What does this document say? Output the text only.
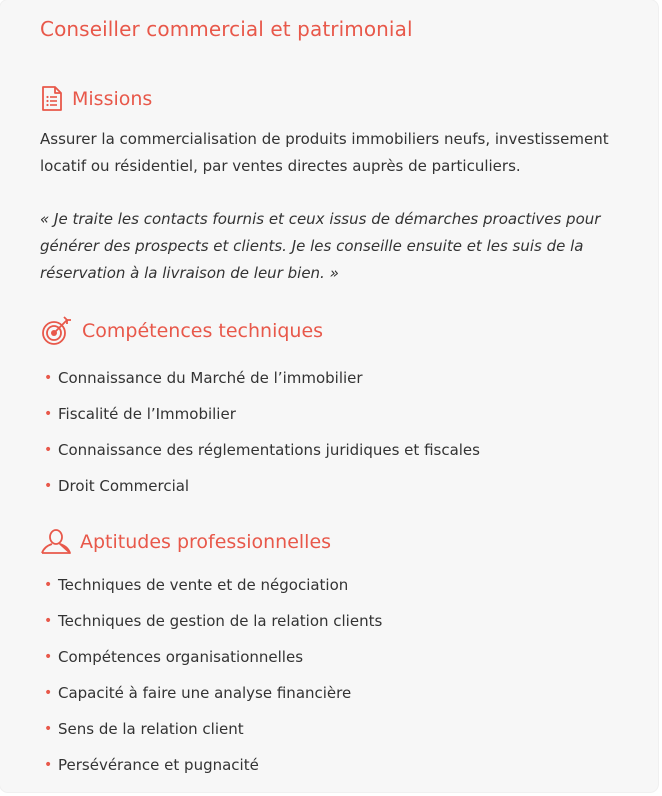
Conseiller commercial et patrimonial
Missions

Assurer la commercialisation de produits immobiliers neufs, investissement locatif ou résidentiel, par ventes directes auprès de particuliers.

« Je traite les contacts fournis et ceux issus de démarches proactives pour générer des prospects et clients. Je les conseille ensuite et les suis de la réservation à la livraison de leur bien. »

Compétences techniques
• Connaissance du Marché de l’immobilier
• Fiscalité de l’Immobilier
• Connaissance des réglementations juridiques et fiscales
• Droit Commercial
Aptitudes professionnelles
• Techniques de vente et de négociation
• Techniques de gestion de la relation clients
• Compétences organisationnelles
• Capacité à faire une analyse financière
• Sens de la relation client
• Persévérance et pugnacité
